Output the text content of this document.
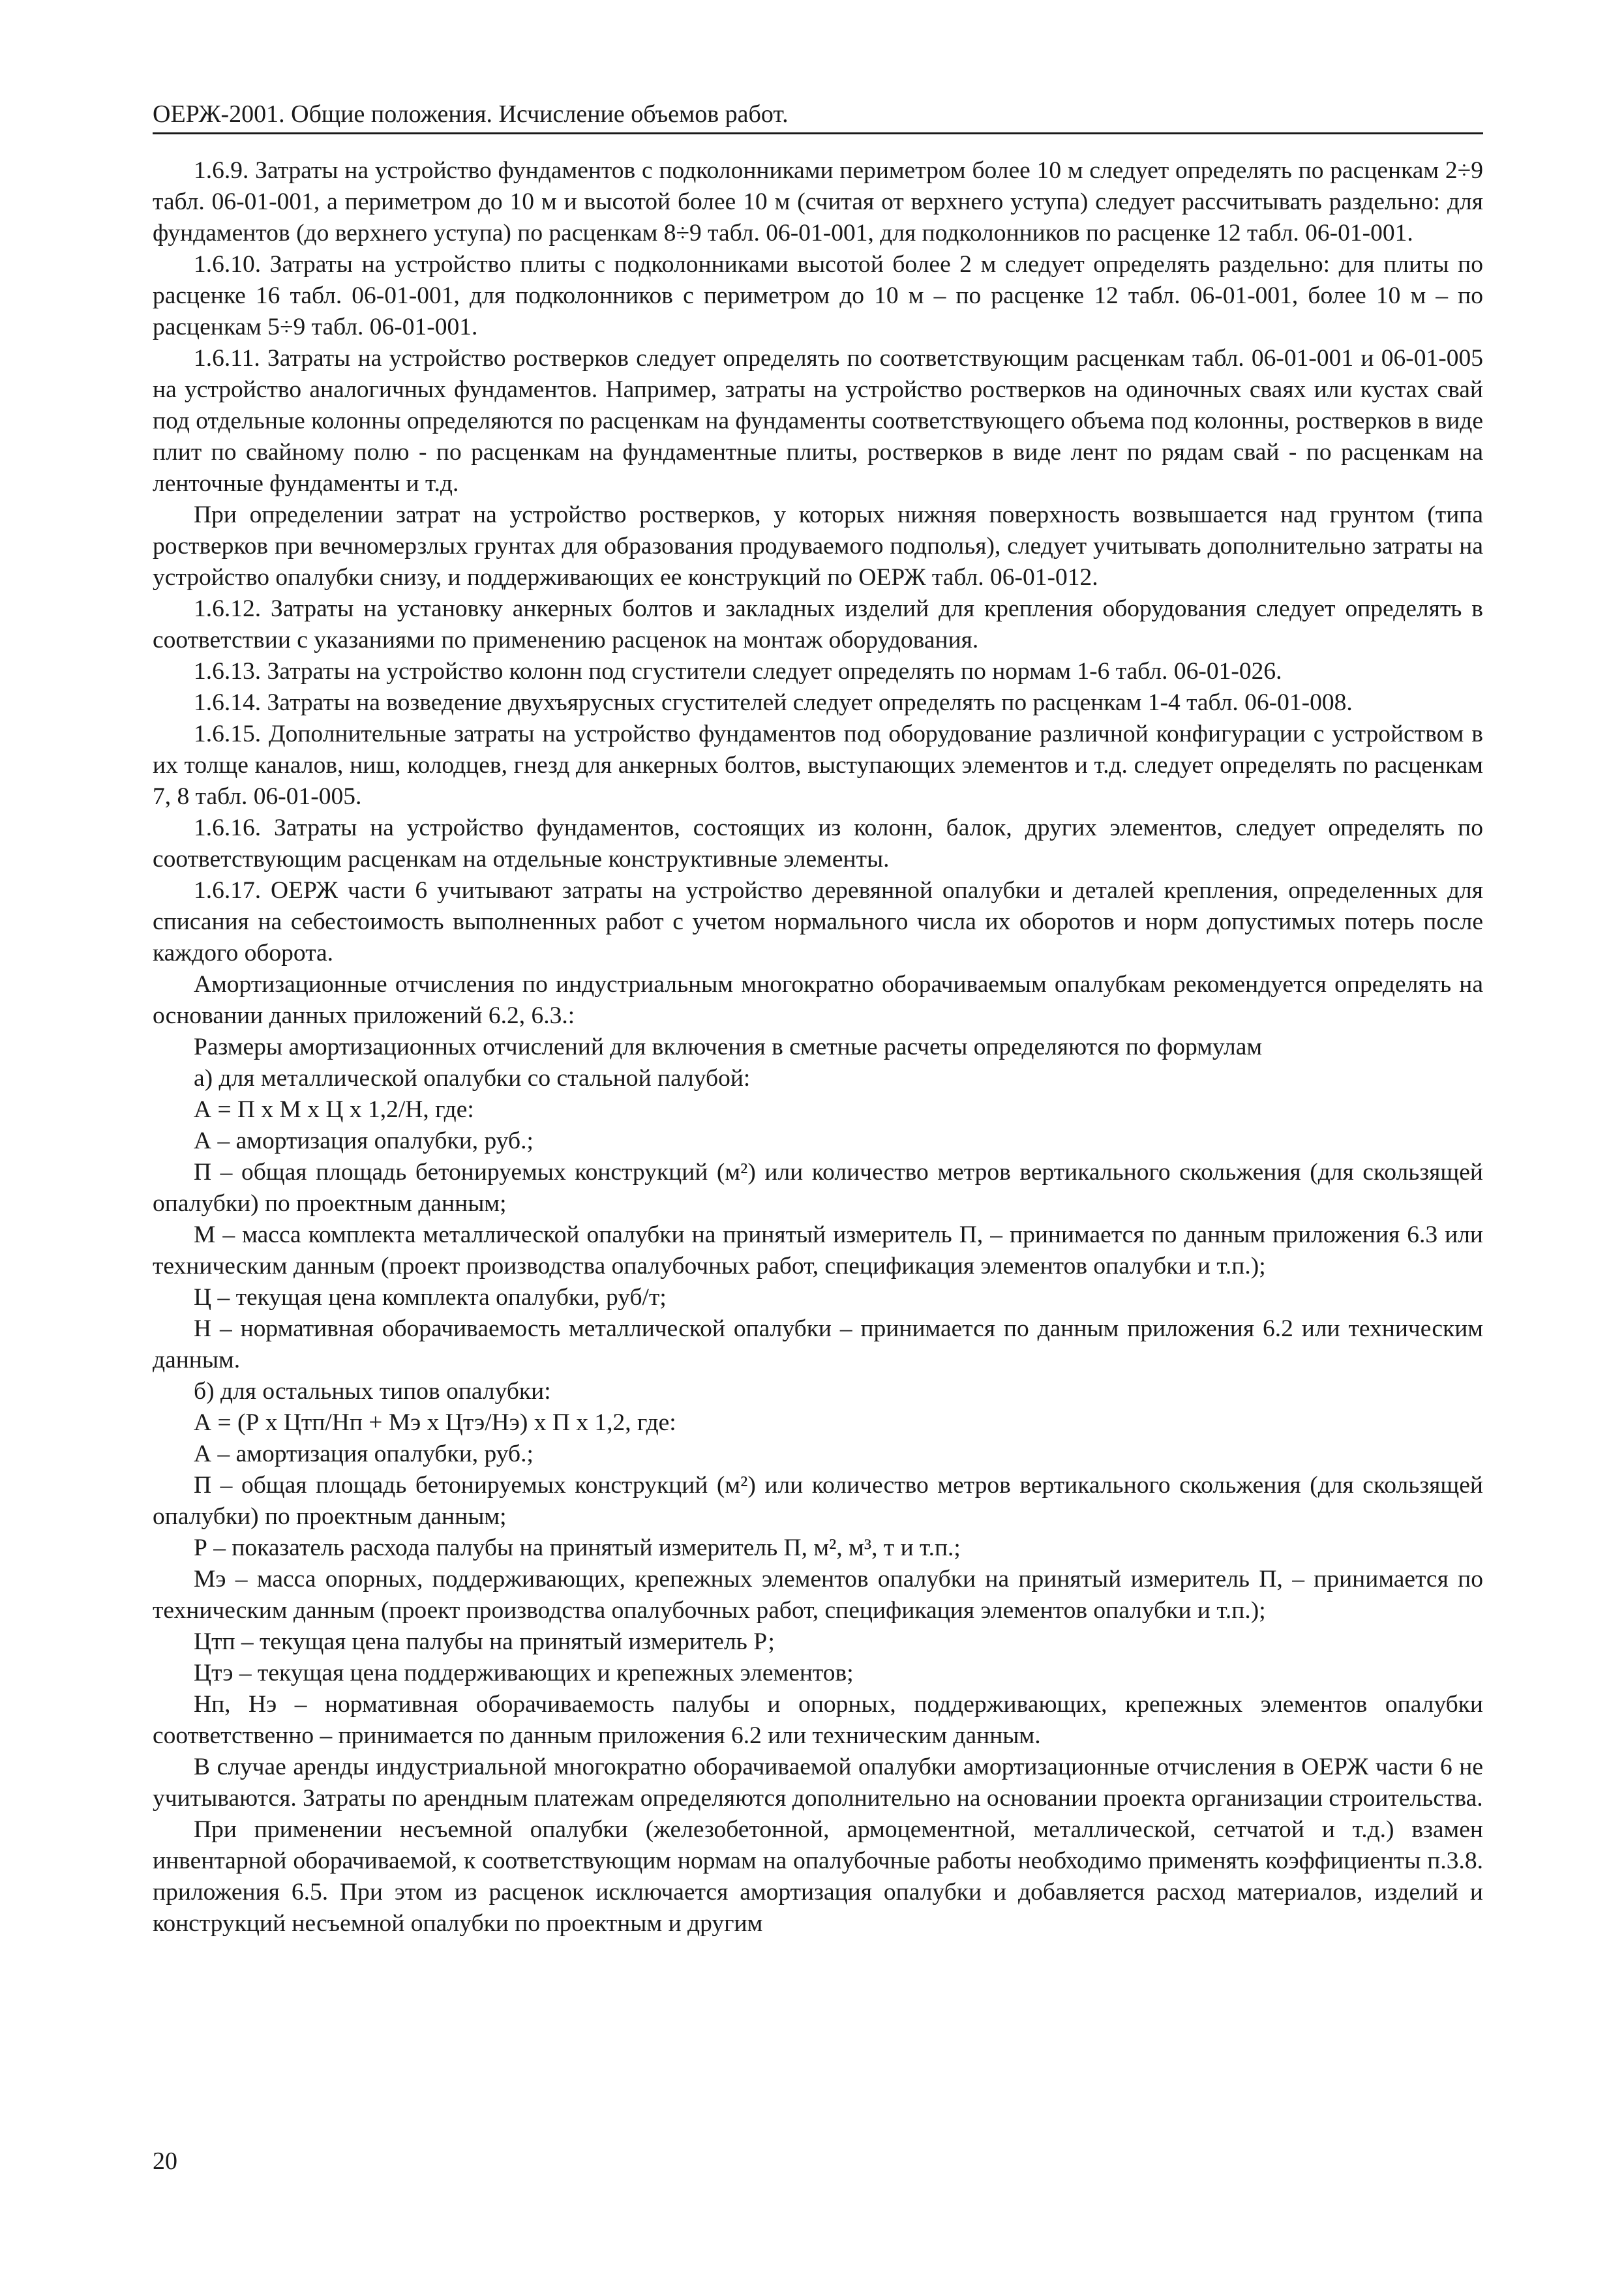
ОЕРЖ-2001. Общие положения. Исчисление объемов работ.

1.6.9. Затраты на устройство фундаментов с подколонниками периметром более 10 м следует определять по расценкам 2÷9 табл. 06-01-001, а периметром до 10 м и высотой более 10 м (считая от верхнего уступа) следует рассчитывать раздельно: для фундаментов (до верхнего уступа) по расценкам 8÷9 табл. 06-01-001, для подколонников по расценке 12 табл. 06-01-001.

1.6.10. Затраты на устройство плиты с подколонниками высотой более 2 м следует определять раздельно: для плиты по расценке 16 табл. 06-01-001, для подколонников с периметром до 10 м – по расценке 12 табл. 06-01-001, более 10 м – по расценкам 5÷9 табл. 06-01-001.

1.6.11. Затраты на устройство ростверков следует определять по соответствующим расценкам табл. 06-01-001 и 06-01-005 на устройство аналогичных фундаментов. Например, затраты на устройство ростверков на одиночных сваях или кустах свай под отдельные колонны определяются по расценкам на фундаменты соответствующего объема под колонны, ростверков в виде плит по свайному полю - по расценкам на фундаментные плиты, ростверков в виде лент по рядам свай - по расценкам на ленточные фундаменты и т.д.

При определении затрат на устройство ростверков, у которых нижняя поверхность возвышается над грунтом (типа ростверков при вечномерзлых грунтах для образования продуваемого подполья), следует учитывать дополнительно затраты на устройство опалубки снизу, и поддерживающих ее конструкций по ОЕРЖ табл. 06-01-012.

1.6.12. Затраты на установку анкерных болтов и закладных изделий для крепления оборудования следует определять в соответствии с указаниями по применению расценок на монтаж оборудования.

1.6.13. Затраты на устройство колонн под сгустители следует определять по нормам 1-6 табл. 06-01-026.

1.6.14. Затраты на возведение двухъярусных сгустителей следует определять по расценкам 1-4 табл. 06-01-008.

1.6.15. Дополнительные затраты на устройство фундаментов под оборудование различной конфигурации с устройством в их толще каналов, ниш, колодцев, гнезд для анкерных болтов, выступающих элементов и т.д. следует определять по расценкам 7, 8 табл. 06-01-005.

1.6.16. Затраты на устройство фундаментов, состоящих из колонн, балок, других элементов, следует определять по соответствующим расценкам на отдельные конструктивные элементы.

1.6.17. ОЕРЖ части 6 учитывают затраты на устройство деревянной опалубки и деталей крепления, определенных для списания на себестоимость выполненных работ с учетом нормального числа их оборотов и норм допустимых потерь после каждого оборота.

Амортизационные отчисления по индустриальным многократно оборачиваемым опалубкам рекомендуется определять на основании данных приложений 6.2, 6.3.:

Размеры амортизационных отчислений для включения в сметные расчеты определяются по формулам

а) для металлической опалубки со стальной палубой:

А = П х М х Ц х 1,2/Н, где:

А – амортизация опалубки, руб.;

П – общая площадь бетонируемых конструкций (м²) или количество метров вертикального скольжения (для скользящей опалубки) по проектным данным;

М – масса комплекта металлической опалубки на принятый измеритель П, – принимается по данным приложения 6.3 или техническим данным (проект производства опалубочных работ, спецификация элементов опалубки и т.п.);

Ц – текущая цена комплекта опалубки, руб/т;

Н – нормативная оборачиваемость металлической опалубки – принимается по данным приложения 6.2 или техническим данным.

б) для остальных типов опалубки:

А = (Р х Цтп/Нп + Мэ х Цтэ/Нэ) х П х 1,2, где:

А – амортизация опалубки, руб.;

П – общая площадь бетонируемых конструкций (м²) или количество метров вертикального скольжения (для скользящей опалубки) по проектным данным;

Р – показатель расхода палубы на принятый измеритель П, м², м³, т и т.п.;

Мэ – масса опорных, поддерживающих, крепежных элементов опалубки на принятый измеритель П, – принимается по техническим данным (проект производства опалубочных работ, спецификация элементов опалубки и т.п.);

Цтп – текущая цена палубы на принятый измеритель Р;

Цтэ – текущая цена поддерживающих и крепежных элементов;

Нп, Нэ – нормативная оборачиваемость палубы и опорных, поддерживающих, крепежных элементов опалубки соответственно – принимается по данным приложения 6.2 или техническим данным.

В случае аренды индустриальной многократно оборачиваемой опалубки амортизационные отчисления в ОЕРЖ части 6 не учитываются. Затраты по арендным платежам определяются дополнительно на основании проекта организации строительства.

При применении несъемной опалубки (железобетонной, армоцементной, металлической, сетчатой и т.д.) взамен инвентарной оборачиваемой, к соответствующим нормам на опалубочные работы необходимо применять коэффициенты п.3.8. приложения 6.5. При этом из расценок исключается амортизация опалубки и добавляется расход материалов, изделий и конструкций несъемной опалубки по проектным и другим

20
